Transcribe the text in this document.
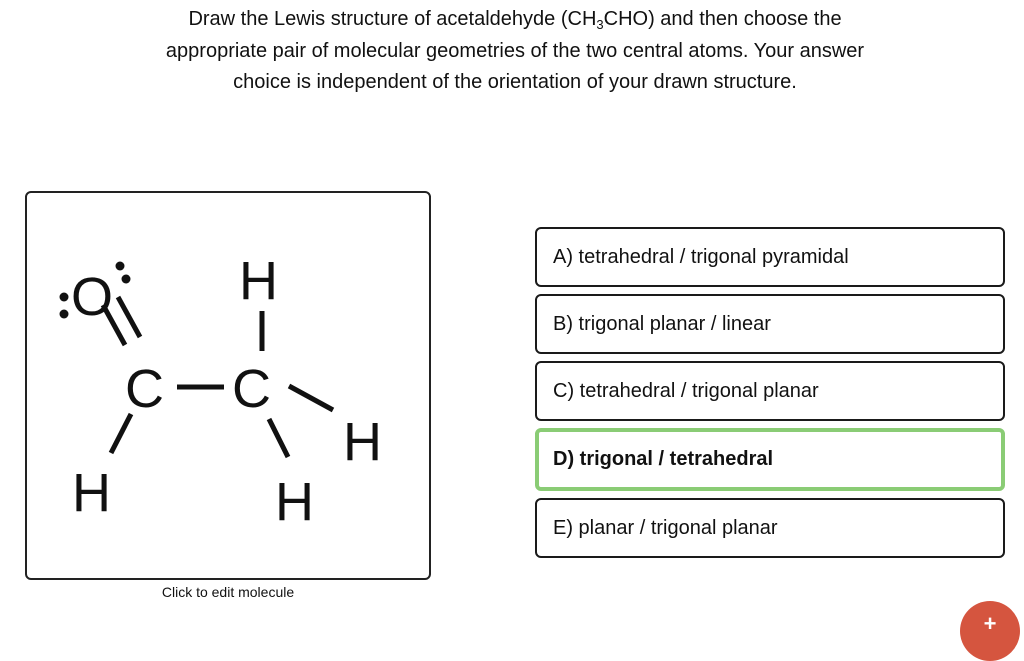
Draw the Lewis structure of acetaldehyde $(CH_3CHO)$ and then choose the

appropriate pair of molecular geometries of the two central atoms. Your answer

choice is independent of the orientation of your drawn structure.

O
C C
H
H
H
H
Click to edit molecule
A) tetrahedral / trigonal pyramidal
B) trigonal planar / linear
C) tetrahedral / trigonal planar
D) trigonal / tetrahedral
E) planar / trigonal planar
+
